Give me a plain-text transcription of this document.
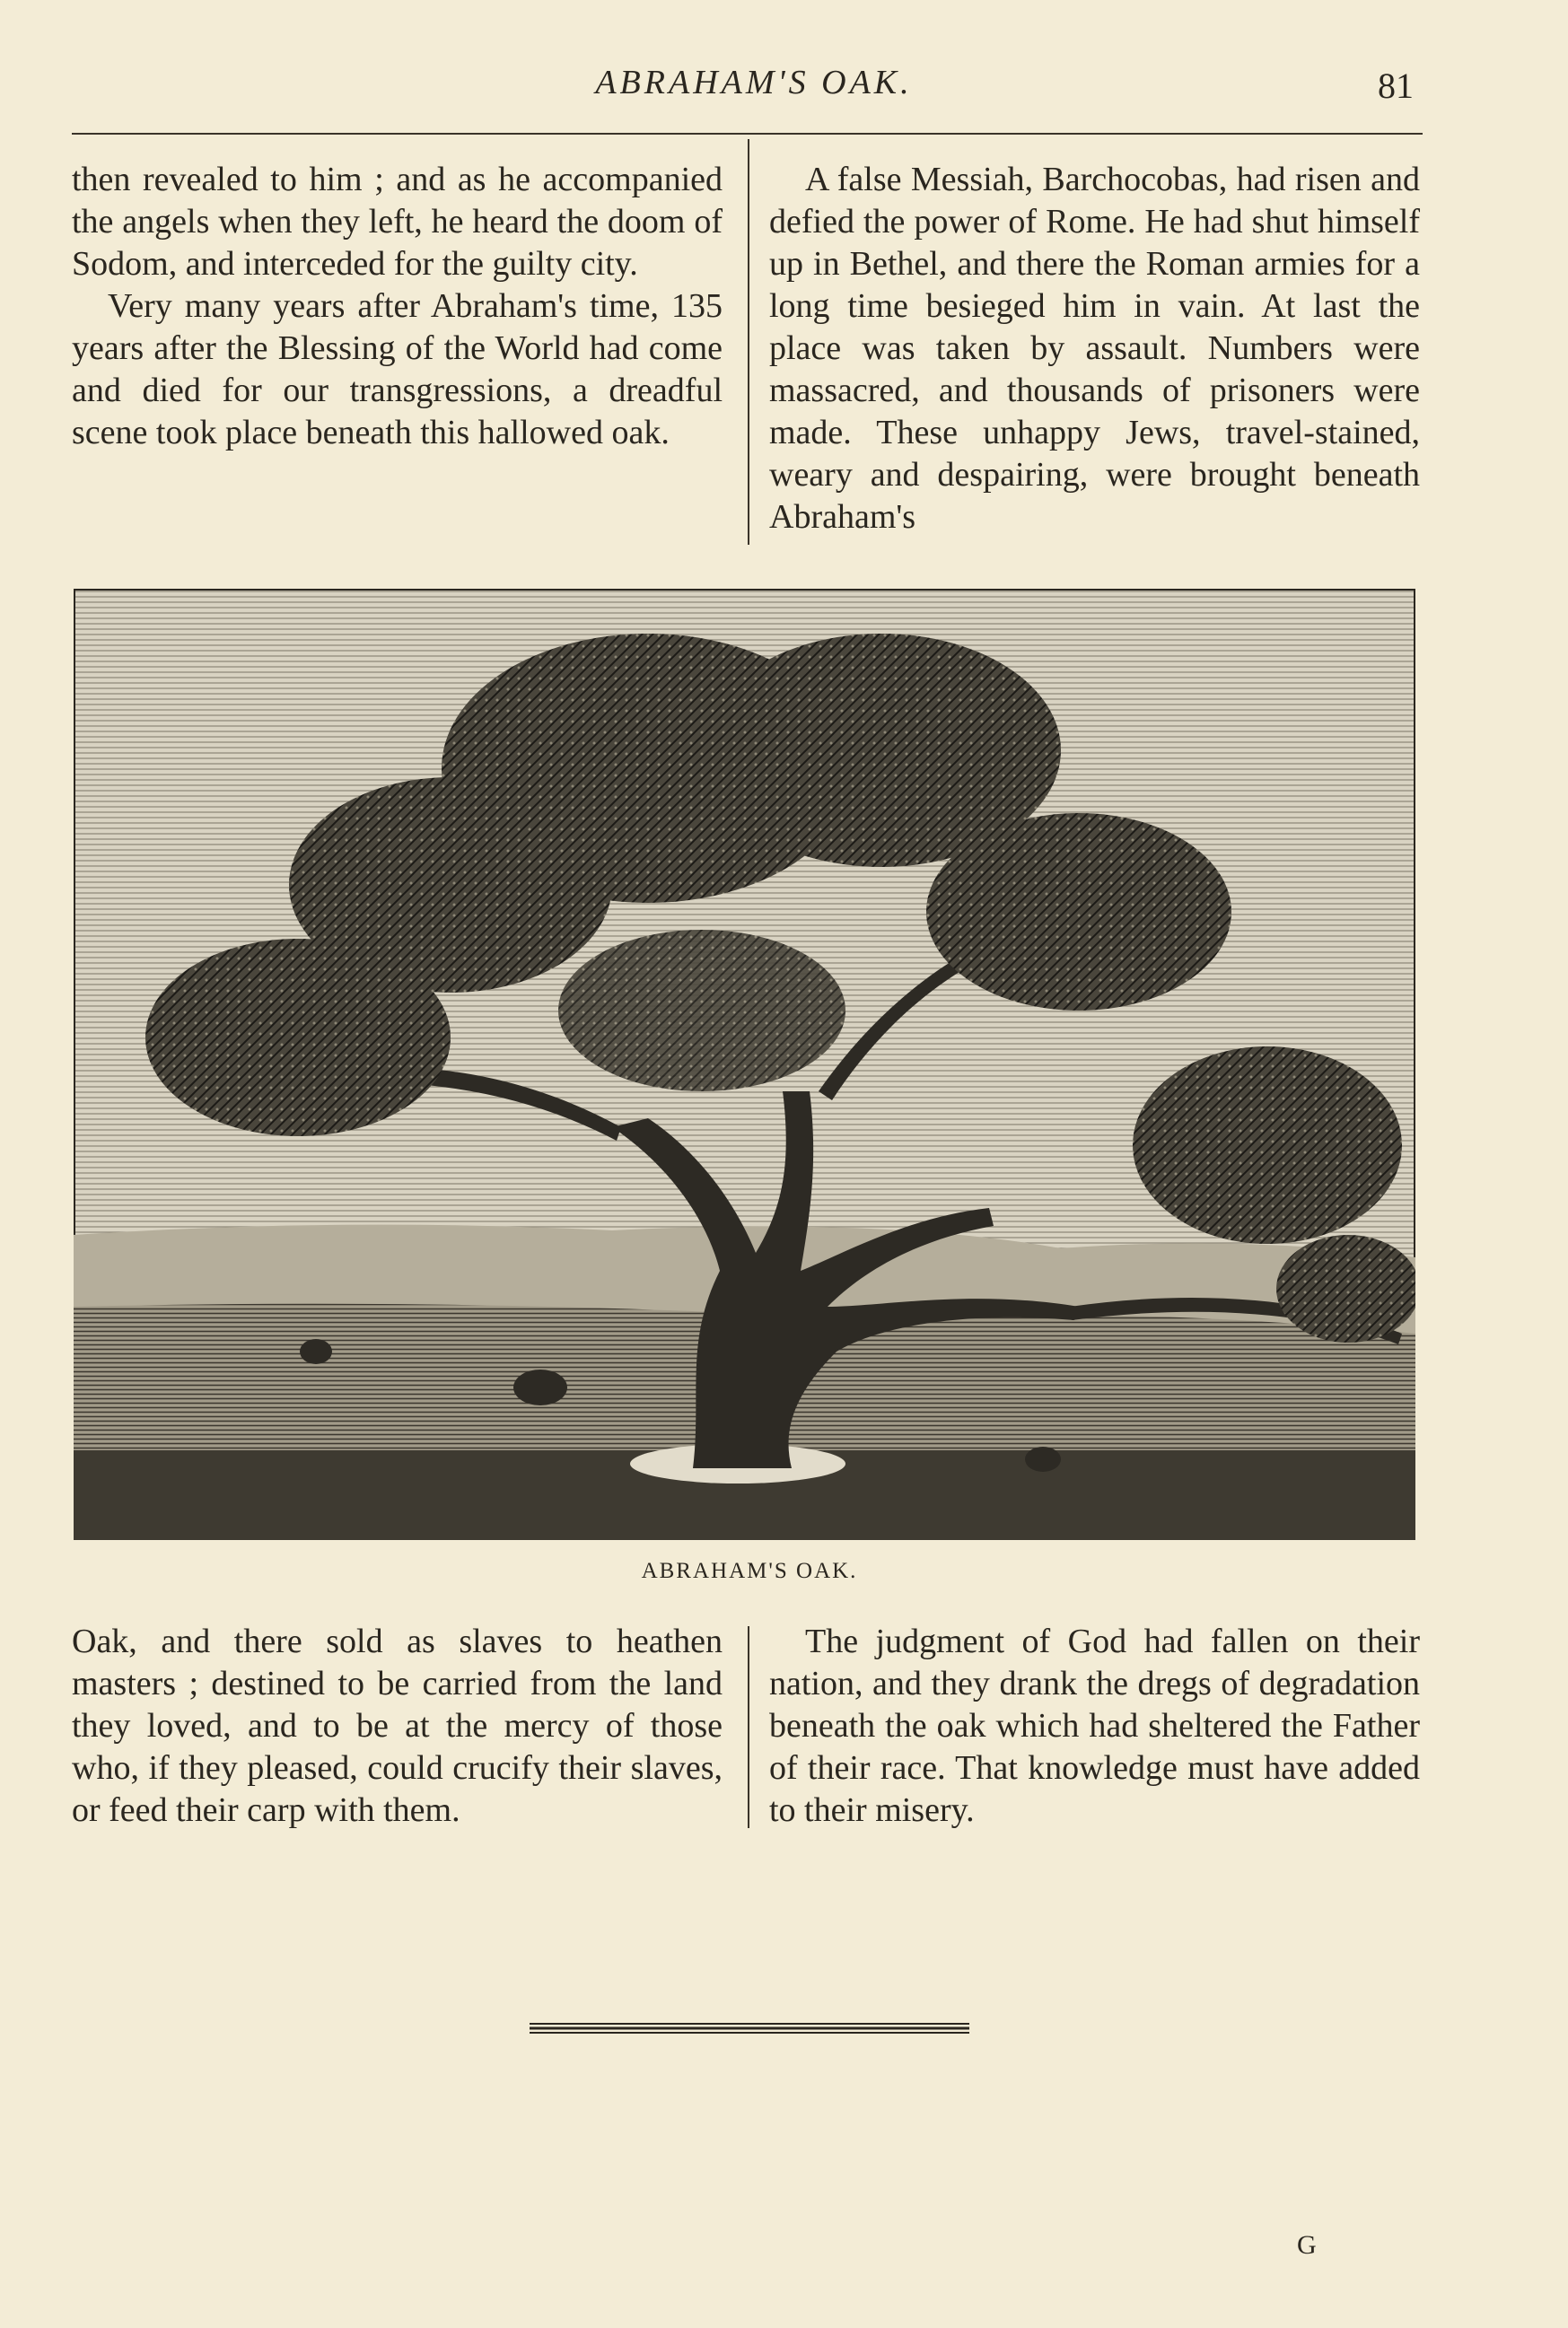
ABRAHAM'S OAK.	81

then revealed to him ; and as he accompanied the angels when they left, he heard the doom of Sodom, and interceded for the guilty city.

Very many years after Abraham's time, 135 years after the Blessing of the World had come and died for our transgressions, a dreadful scene took place beneath this hallowed oak.

A false Messiah, Barchocobas, had risen and defied the power of Rome. He had shut himself up in Bethel, and there the Roman armies for a long time besieged him in vain. At last the place was taken by assault. Numbers were massacred, and thousands of prisoners were made. These unhappy Jews, travel-stained, weary and despairing, were brought beneath Abraham's

ABRAHAM'S OAK.

Oak, and there sold as slaves to heathen masters ; destined to be carried from the land they loved, and to be at the mercy of those who, if they pleased, could crucify their slaves, or feed their carp with them.

The judgment of God had fallen on their nation, and they drank the dregs of degradation beneath the oak which had sheltered the Father of their race. That knowledge must have added to their misery.

G
